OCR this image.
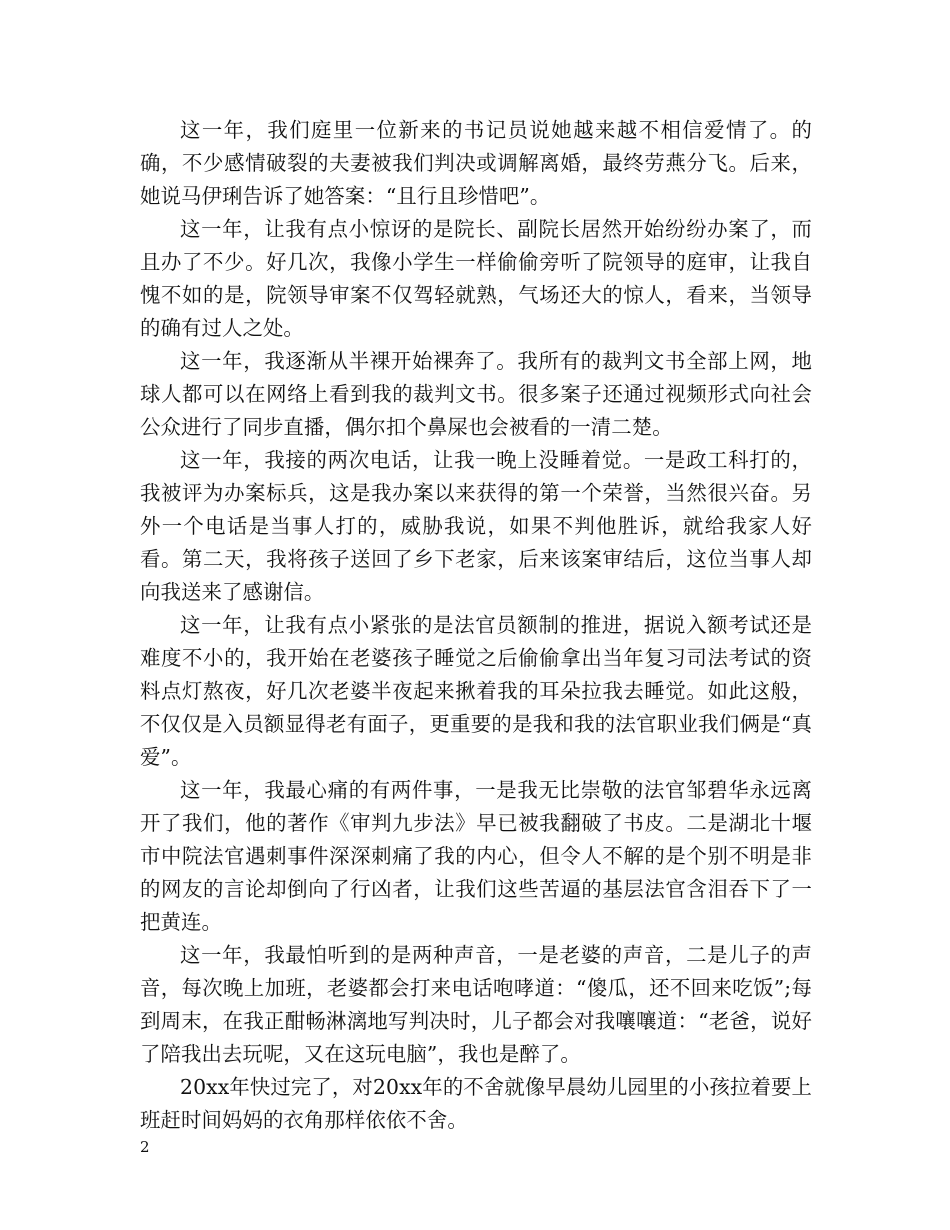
这一年，我们庭里一位新来的书记员说她越来越不相信爱情了。的确，不少感情破裂的夫妻被我们判决或调解离婚，最终劳燕分飞。后来，她说马伊琍告诉了她答案：“且行且珍惜吧”。

这一年，让我有点小惊讶的是院长、副院长居然开始纷纷办案了，而且办了不少。好几次，我像小学生一样偷偷旁听了院领导的庭审，让我自愧不如的是，院领导审案不仅驾轻就熟，气场还大的惊人，看来，当领导的确有过人之处。

这一年，我逐渐从半裸开始裸奔了。我所有的裁判文书全部上网，地球人都可以在网络上看到我的裁判文书。很多案子还通过视频形式向社会公众进行了同步直播，偶尔扣个鼻屎也会被看的一清二楚。

这一年，我接的两次电话，让我一晚上没睡着觉。一是政工科打的，我被评为办案标兵，这是我办案以来获得的第一个荣誉，当然很兴奋。另外一个电话是当事人打的，威胁我说，如果不判他胜诉，就给我家人好看。第二天，我将孩子送回了乡下老家，后来该案审结后，这位当事人却向我送来了感谢信。

这一年，让我有点小紧张的是法官员额制的推进，据说入额考试还是难度不小的，我开始在老婆孩子睡觉之后偷偷拿出当年复习司法考试的资料点灯熬夜，好几次老婆半夜起来揪着我的耳朵拉我去睡觉。如此这般，不仅仅是入员额显得老有面子，更重要的是我和我的法官职业我们俩是“真爱”。

这一年，我最心痛的有两件事，一是我无比崇敬的法官邹碧华永远离开了我们，他的著作《审判九步法》早已被我翻破了书皮。二是湖北十堰市中院法官遇刺事件深深刺痛了我的内心，但令人不解的是个别不明是非的网友的言论却倒向了行凶者，让我们这些苦逼的基层法官含泪吞下了一把黄连。

这一年，我最怕听到的是两种声音，一是老婆的声音，二是儿子的声音，每次晚上加班，老婆都会打来电话咆哮道：“傻瓜，还不回来吃饭”;每到周末，在我正酣畅淋漓地写判决时，儿子都会对我嚷嚷道：“老爸，说好了陪我出去玩呢，又在这玩电脑”，我也是醉了。

20xx年快过完了，对20xx年的不舍就像早晨幼儿园里的小孩拉着要上班赶时间妈妈的衣角那样依依不舍。

2
